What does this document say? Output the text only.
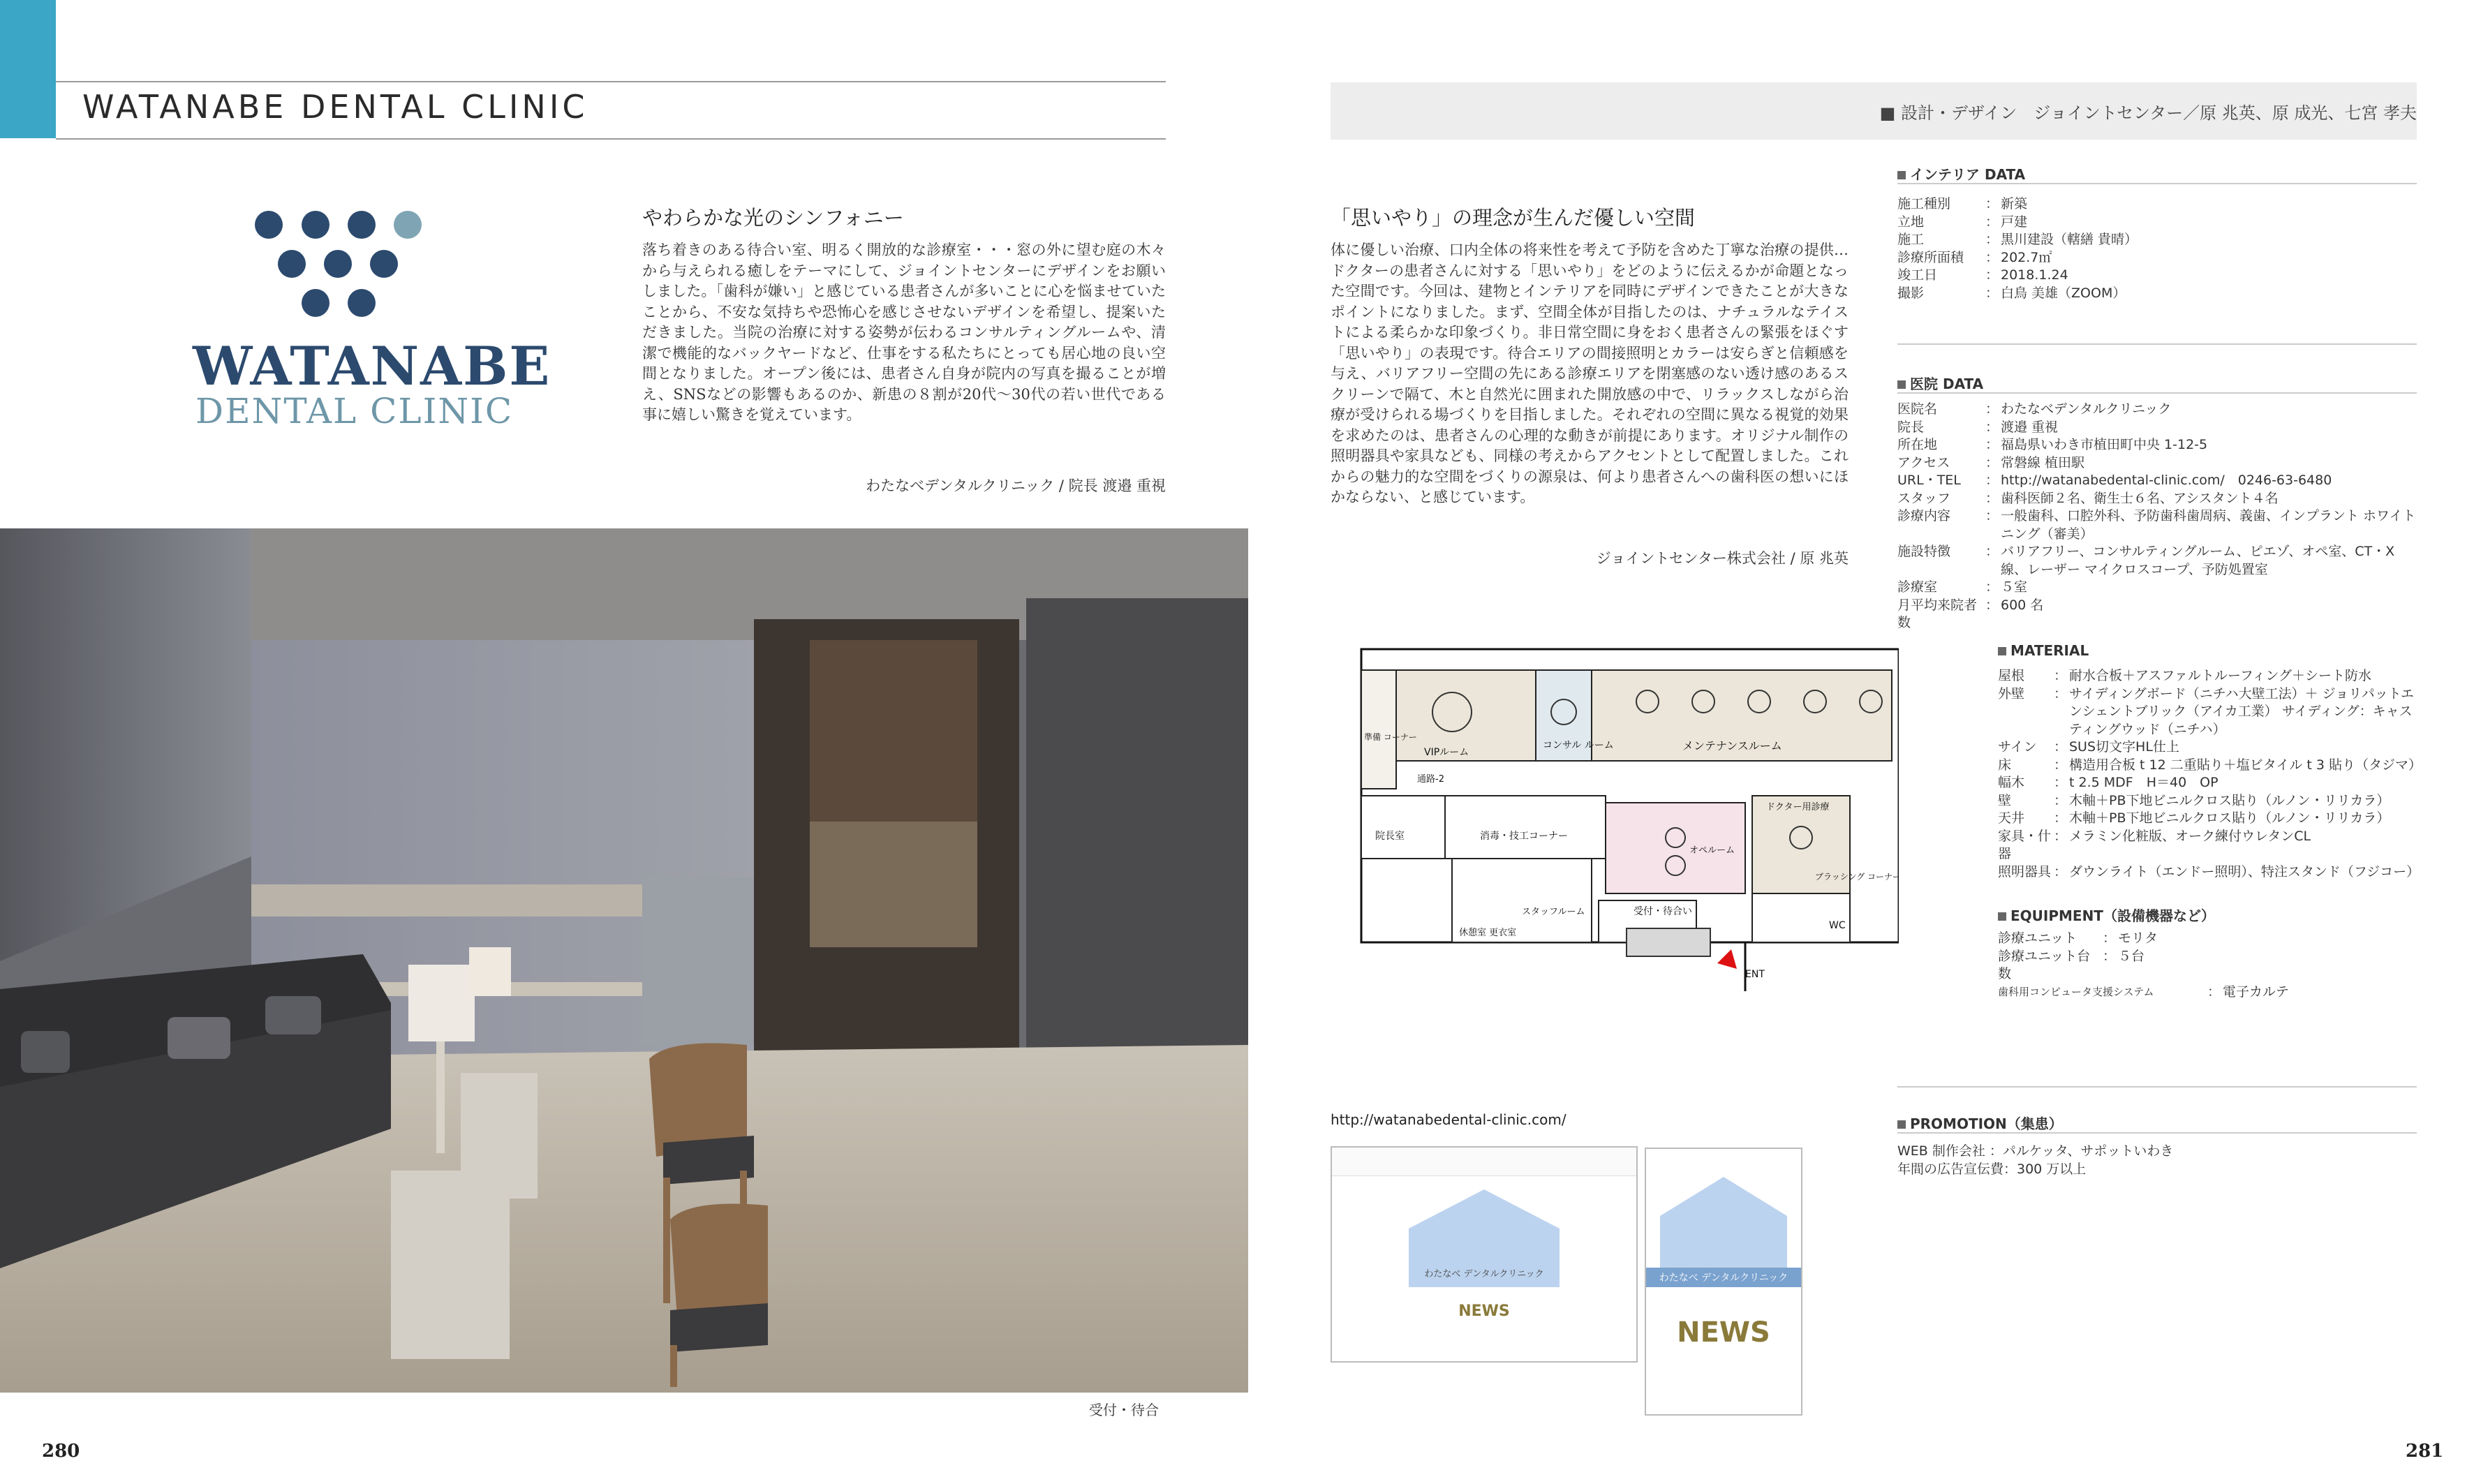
WATANABE DENTAL CLINIC
WATANABE
DENTAL CLINIC
やわらかな光のシンフォニー
落ち着きのある待合い室、明るく開放的な診療室・・・窓の外に望む庭の木々から与えられる癒しをテーマにして、ジョイントセンターにデザインをお願いしました。「歯科が嫌い」と感じている患者さんが多いことに心を悩ませていたことから、不安な気持ちや恐怖心を感じさせないデザインを希望し、提案いただきました。当院の治療に対する姿勢が伝わるコンサルティングルームや、清潔で機能的なバックヤードなど、仕事をする私たちにとっても居心地の良い空間となりました。オープン後には、患者さん自身が院内の写真を撮ることが増え、SNSなどの影響もあるのか、新患の８割が20代～30代の若い世代である事に嬉しい驚きを覚えています。
わたなべデンタルクリニック / 院長 渡邉 重視
受付・待合
280
■ 設計・デザイン　ジョイントセンター／原 兆英、原 成光、七宮 孝夫
「思いやり」の理念が生んだ優しい空間
体に優しい治療、口内全体の将来性を考えて予防を含めた丁寧な治療の提供…ドクターの患者さんに対する「思いやり」をどのように伝えるかが命題となった空間です。今回は、建物とインテリアを同時にデザインできたことが大きなポイントになりました。まず、空間全体が目指したのは、ナチュラルなテイストによる柔らかな印象づくり。非日常空間に身をおく患者さんの緊張をほぐす「思いやり」の表現です。待合エリアの間接照明とカラーは安らぎと信頼感を与え、バリアフリー空間の先にある診療エリアを閉塞感のない透け感のあるスクリーンで隔て、木と自然光に囲まれた開放感の中で、リラックスしながら治療が受けられる場づくりを目指しました。それぞれの空間に異なる視覚的効果を求めたのは、患者さんの心理的な動きが前提にあります。オリジナル制作の照明器具や家具なども、同様の考えからアクセントとして配置しました。これからの魅力的な空間をづくりの源泉は、何より患者さんへの歯科医の想いにほかならない、と感じています。
ジョイントセンター株式会社 / 原 兆英
インテリア DATA
施工種別	： 新築
立地	： 戸建
施工	： 黒川建設（轄繕 貴晴）
診療所面積	： 202.7㎡
竣工日	： 2018.1.24
撮影	： 白鳥 美雄（ZOOM）
医院 DATA
医院名	： わたなべデンタルクリニック
院長	： 渡邉 重視
所在地	： 福島県いわき市植田町中央 1-12-5
アクセス	： 常磐線 植田駅
URL・TEL	： http://watanabedental-clinic.com/　0246-63-6480
スタッフ	： 歯科医師２名、衛生士６名、アシスタント４名
診療内容	： 一般歯科、口腔外科、予防歯科歯周病、義歯、インプラント ホワイトニング（審美）
施設特徴	： バリアフリー、コンサルティングルーム、ピエゾ、オペ室、CT・X線、レーザー マイクロスコープ、予防処置室
診療室	： ５室
月平均来院者数
： 600 名
VIPルーム
コンサル ルーム	メンテナンスルーム
準備 コーナー
通路-2
院長室	消毒・技工コーナー
ドクター用診療
オペルーム
受付・待合い
スタッフルーム
ブラッシング コーナー
WC
ENT
休憩室 更衣室
MATERIAL
屋根	： 耐水合板＋アスファルトルーフィング＋シート防水
外壁	： サイディングボード（ニチハ大壁工法）＋ ジョリパットエンシェントブリック（アイカ工業） サイディング：キャスティングウッド（ニチハ）
サイン	： SUS切文字HL仕上
床	： 構造用合板 t 12 二重貼り＋塩ビタイル t 3 貼り（タジマ）
幅木	： t 2.5 MDF　H＝40　OP
壁	： 木軸＋PB下地ビニルクロス貼り（ルノン・リリカラ）
天井	： 木軸＋PB下地ビニルクロス貼り（ルノン・リリカラ）
家具・什器
： メラミン化粧版、オーク練付ウレタンCL
照明器具 ： ダウンライト（エンドー照明）、特注スタンド（フジコー）
EQUIPMENT（設備機器など）
診療ユニット	： モリタ
診療ユニット台数
： ５台
歯科用コンピュータ支援システム	： 電子カルテ
http://watanabedental-clinic.com/
わたなべ デンタルクリニック
NEWS
わたなべ デンタルクリニック
NEWS
PROMOTION（集患）
WEB 制作会社 ：パルケッタ、サポットいわき
年間の広告宣伝費：300 万以上
281
